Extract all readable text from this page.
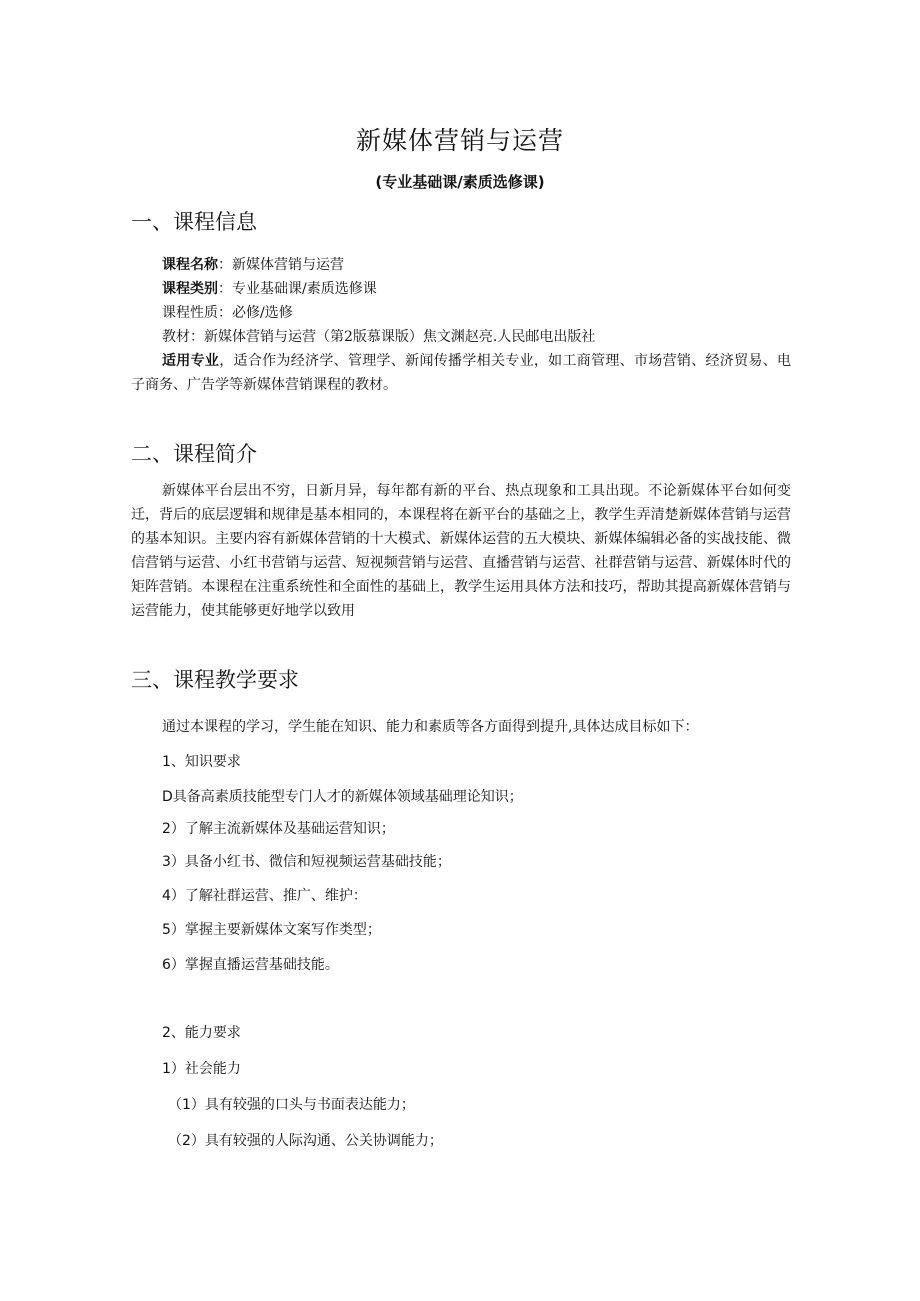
新媒体营销与运营
(专业基础课/素质选修课)
一、课程信息
课程名称：新媒体营销与运营
课程类别：专业基础课/素质选修课
课程性质：必修/选修
教材：新媒体营销与运营（第2版慕课版）焦文渊赵亮.人民邮电出版社
适用专业，适合作为经济学、管理学、新闻传播学相关专业，如工商管理、市场营销、经济贸易、电子商务、广告学等新媒体营销课程的教材。
二、课程简介
新媒体平台层出不穷，日新月异，每年都有新的平台、热点现象和工具出现。不论新媒体平台如何变迁，背后的底层逻辑和规律是基本相同的，本课程将在新平台的基础之上，教学生弄清楚新媒体营销与运营的基本知识。主要内容有新媒体营销的十大模式、新媒体运营的五大模块、新媒体编辑必备的实战技能、微信营销与运营、小红书营销与运营、短视频营销与运营、直播营销与运营、社群营销与运营、新媒体时代的矩阵营销。本课程在注重系统性和全面性的基础上，教学生运用具体方法和技巧，帮助其提高新媒体营销与运营能力，使其能够更好地学以致用
三、课程教学要求
通过本课程的学习，学生能在知识、能力和素质等各方面得到提升,具体达成目标如下：
1、知识要求
D具备高素质技能型专门人才的新媒体领域基础理论知识；
2）了解主流新媒体及基础运营知识；
3）具备小红书、微信和短视频运营基础技能；
4）了解社群运营、推广、维护：
5）掌握主要新媒体文案写作类型；
6）掌握直播运营基础技能。
2、能力要求
1）社会能力
（1）具有较强的口头与书面表达能力；
（2）具有较强的人际沟通、公关协调能力；
